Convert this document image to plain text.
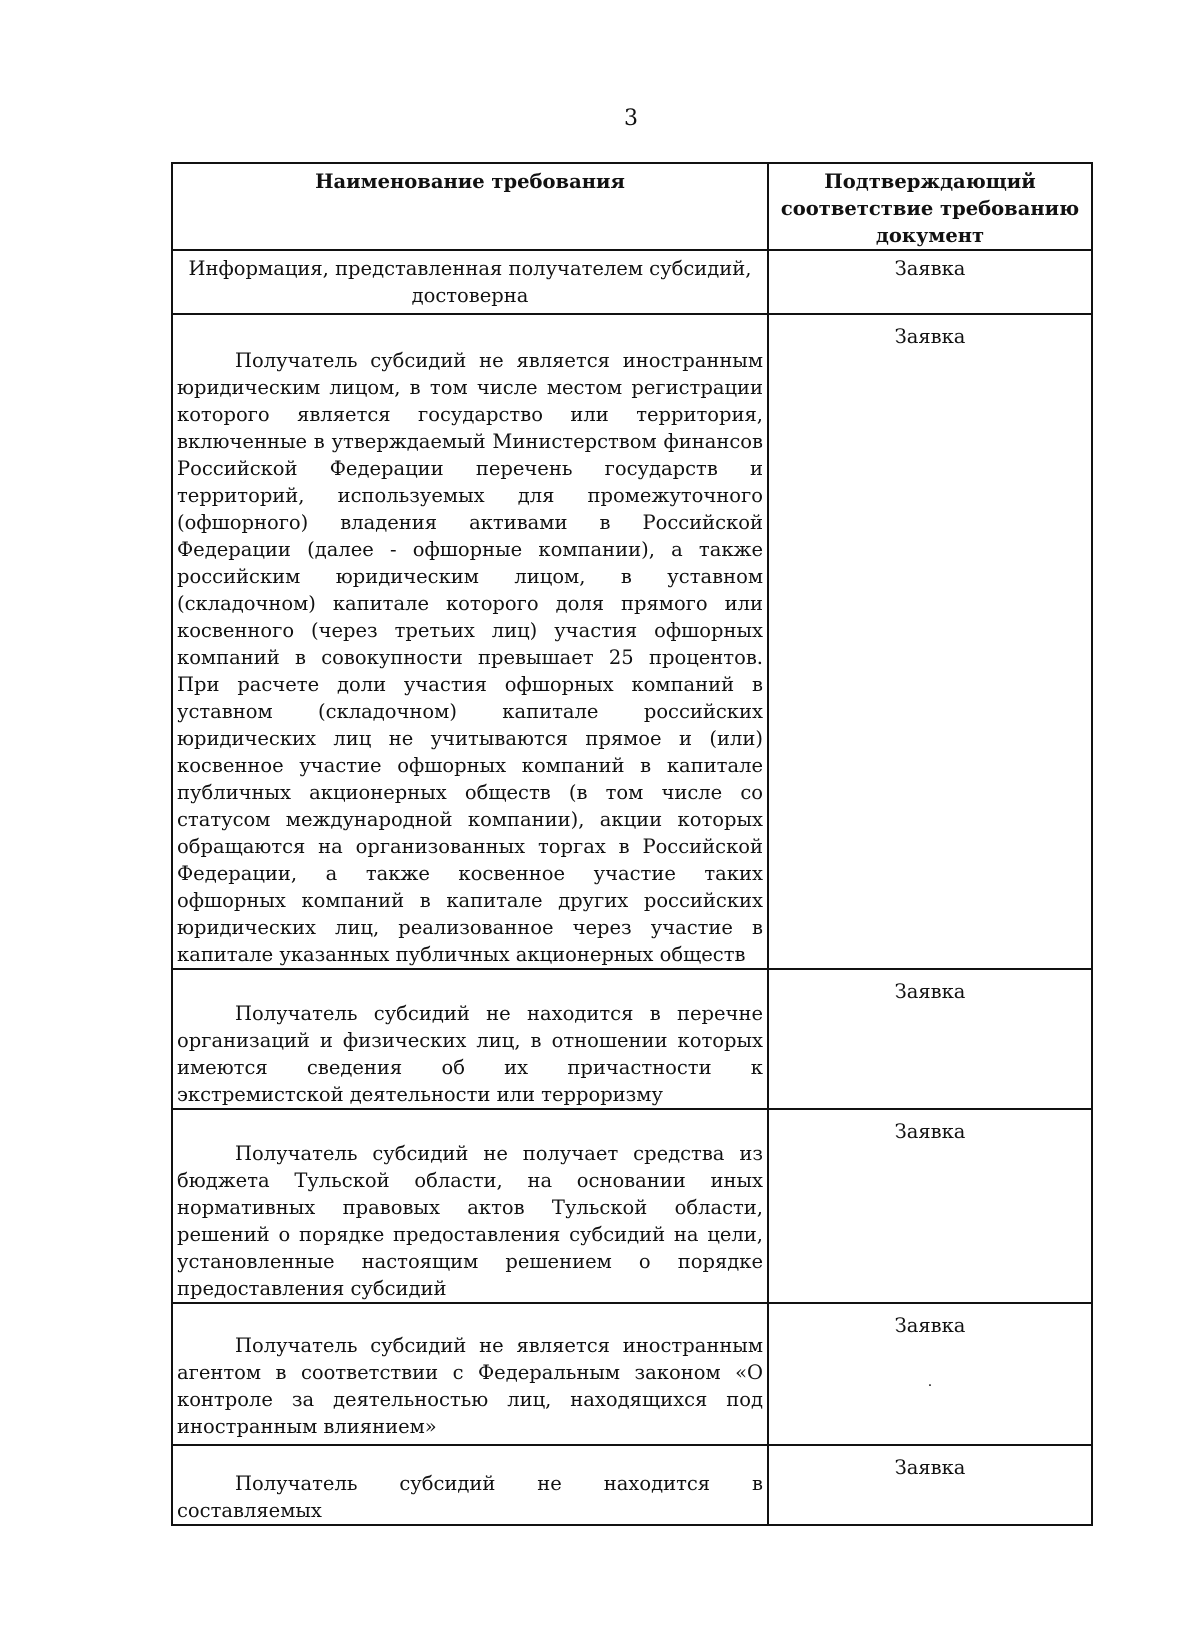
3
Наименование требования	Подтверждающий соответствие требованию документ
Информация, представленная получателем субсидий, достоверна	Заявка
Получатель субсидий не является иностранным юридическим лицом, в том числе местом регистрации которого является государство или территория, включенные в утверждаемый Министерством финансов Российской Федерации перечень государств и территорий, используемых для промежуточного (офшорного) владения активами в Российской Федерации (далее - офшорные компании), а также российским юридическим лицом, в уставном (складочном) капитале которого доля прямого или косвенного (через третьих лиц) участия офшорных компаний в совокупности превышает 25 процентов. При расчете доли участия офшорных компаний в уставном (складочном) капитале российских юридических лиц не учитываются прямое и (или) косвенное участие офшорных компаний в капитале публичных акционерных обществ (в том числе со статусом международной компании), акции которых обращаются на организованных торгах в Российской Федерации, а также косвенное участие таких офшорных компаний в капитале других российских юридических лиц, реализованное через участие в капитале указанных публичных акционерных обществ	Заявка
Получатель субсидий не находится в перечне организаций и физических лиц, в отношении которых имеются сведения об их причастности к экстремистской деятельности или терроризму	Заявка
Получатель субсидий не получает средства из бюджета Тульской области, на основании иных нормативных правовых актов Тульской области, решений о порядке предоставления субсидий на цели, установленные настоящим решением о порядке предоставления субсидий	Заявка
Получатель субсидий не является иностранным агентом в соответствии с Федеральным законом «О контроле за деятельностью лиц, находящихся под иностранным влиянием»	Заявка
.

Получатель субсидий не находится в составляемых	Заявка
